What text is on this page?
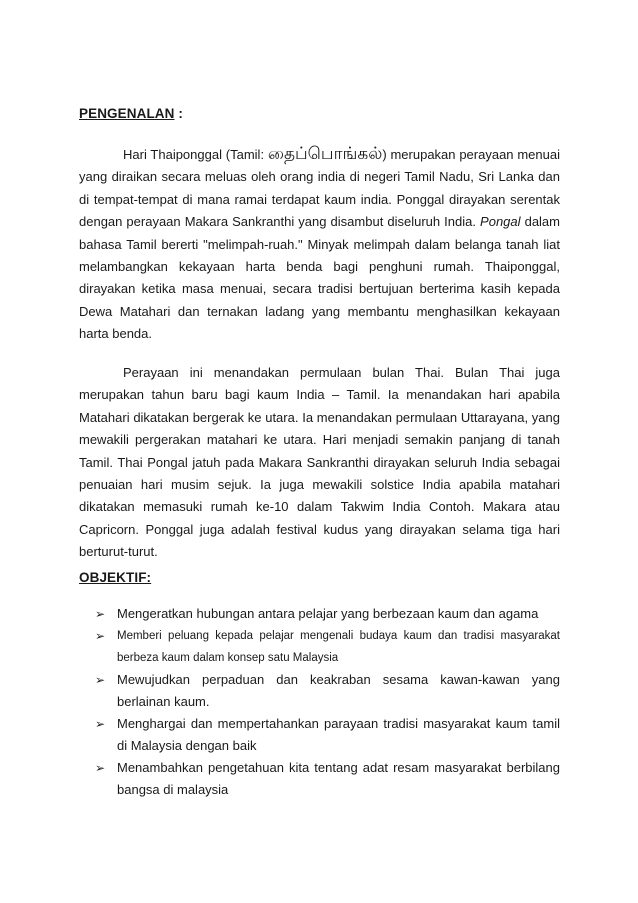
PENGENALAN :

Hari Thaiponggal (Tamil: தைப்பொங்கல்) merupakan perayaan menuai yang diraikan secara meluas oleh orang india di negeri Tamil Nadu, Sri Lanka dan di tempat-tempat di mana ramai terdapat kaum india. Ponggal dirayakan serentak dengan perayaan Makara Sankranthi yang disambut diseluruh India. Pongal dalam bahasa Tamil bererti "melimpah-ruah." Minyak melimpah dalam belanga tanah liat melambangkan kekayaan harta benda bagi penghuni rumah. Thaiponggal, dirayakan ketika masa menuai, secara tradisi bertujuan berterima kasih kepada Dewa Matahari dan ternakan ladang yang membantu menghasilkan kekayaan harta benda.

Perayaan ini menandakan permulaan bulan Thai. Bulan Thai juga merupakan tahun baru bagi kaum India – Tamil. Ia menandakan hari apabila Matahari dikatakan bergerak ke utara. Ia menandakan permulaan Uttarayana, yang mewakili pergerakan matahari ke utara. Hari menjadi semakin panjang di tanah Tamil. Thai Pongal jatuh pada Makara Sankranthi dirayakan seluruh India sebagai penuaian hari musim sejuk. Ia juga mewakili solstice India apabila matahari dikatakan memasuki rumah ke-10 dalam Takwim India Contoh. Makara atau Capricorn. Ponggal juga adalah festival kudus yang dirayakan selama tiga hari berturut-turut.

OBJEKTIF:
➢ Mengeratkan hubungan antara pelajar yang berbezaan kaum dan agama
➢ Memberi peluang kepada pelajar mengenali budaya kaum dan tradisi masyarakat berbeza kaum dalam konsep satu Malaysia
➢ Mewujudkan perpaduan dan keakraban sesama kawan-kawan yang berlainan kaum.
➢ Menghargai dan mempertahankan parayaan tradisi masyarakat kaum tamil di Malaysia dengan baik
➢ Menambahkan pengetahuan kita tentang adat resam masyarakat berbilang bangsa di malaysia
